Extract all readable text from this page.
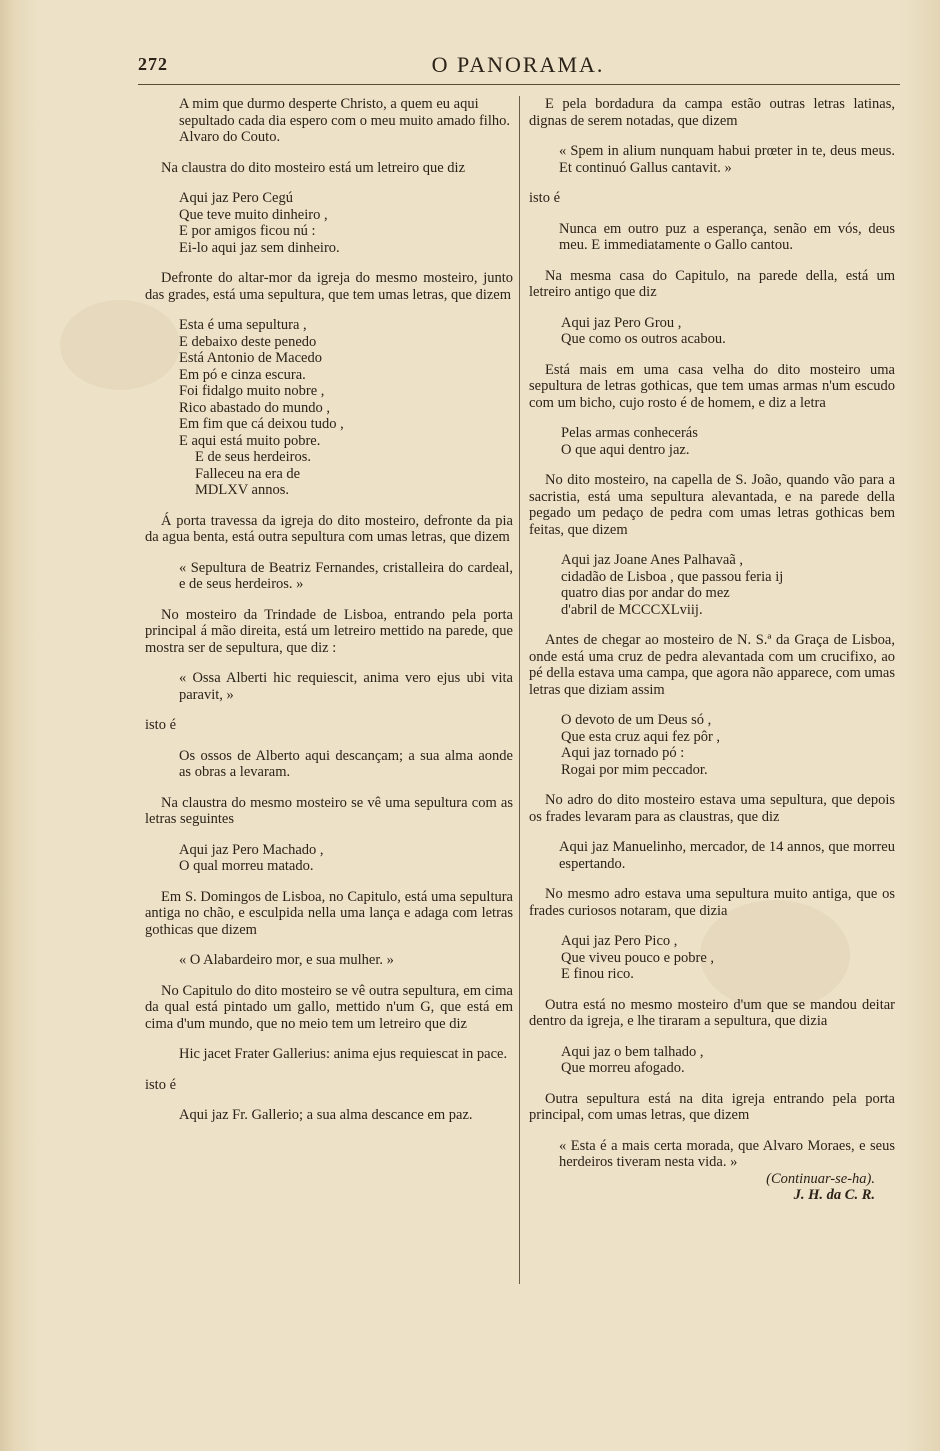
272	O PANORAMA.
A mim que durmo desperte Christo, a quem eu aqui sepultado cada dia espero com o meu muito amado filho. Alvaro do Couto.
Na claustra do dito mosteiro está um letreiro que diz
Aqui jaz Pero Cegú
Que teve muito dinheiro ,
E por amigos ficou nú :
Ei-lo aqui jaz sem dinheiro.
Defronte do altar-mor da igreja do mesmo mosteiro, junto das grades, está uma sepultura, que tem umas letras, que dizem
Esta é uma sepultura ,
E debaixo deste penedo
Está Antonio de Macedo
Em pó e cinza escura.
Foi fidalgo muito nobre ,
Rico abastado do mundo ,
Em fim que cá deixou tudo ,
E aqui está muito pobre.
E de seus herdeiros.
Falleceu na era de
MDLXV annos.
Á porta travessa da igreja do dito mosteiro, defronte da pia da agua benta, está outra sepultura com umas letras, que dizem
« Sepultura de Beatriz Fernandes, cristalleira do cardeal, e de seus herdeiros. »
No mosteiro da Trindade de Lisboa, entrando pela porta principal á mão direita, está um letreiro mettido na parede, que mostra ser de sepultura, que diz :
« Ossa Alberti hic requiescit, anima vero ejus ubi vita paravit, »
isto é
Os ossos de Alberto aqui descançam; a sua alma aonde as obras a levaram.
Na claustra do mesmo mosteiro se vê uma sepultura com as letras seguintes
Aqui jaz Pero Machado ,
O qual morreu matado.
Em S. Domingos de Lisboa, no Capitulo, está uma sepultura antiga no chão, e esculpida nella uma lança e adaga com letras gothicas que dizem
« O Alabardeiro mor, e sua mulher. »
No Capitulo do dito mosteiro se vê outra sepultura, em cima da qual está pintado um gallo, mettido n'um G, que está em cima d'um mundo, que no meio tem um letreiro que diz
Hic jacet Frater Gallerius: anima ejus requiescat in pace.
isto é
Aqui jaz Fr. Gallerio; a sua alma descance em paz.
E pela bordadura da campa estão outras letras latinas, dignas de serem notadas, que dizem
« Spem in alium nunquam habui prœter in te, deus meus. Et continuó Gallus cantavit. »
isto é
Nunca em outro puz a esperança, senão em vós, deus meu. E immediatamente o Gallo cantou.
Na mesma casa do Capitulo, na parede della, está um letreiro antigo que diz
Aqui jaz Pero Grou ,
Que como os outros acabou.
Está mais em uma casa velha do dito mosteiro uma sepultura de letras gothicas, que tem umas armas n'um escudo com um bicho, cujo rosto é de homem, e diz a letra
Pelas armas conhecerás
O que aqui dentro jaz.
No dito mosteiro, na capella de S. João, quando vão para a sacristia, está uma sepultura alevantada, e na parede della pegado um pedaço de pedra com umas letras gothicas bem feitas, que dizem
Aqui jaz Joane Anes Palhavaã ,
cidadão de Lisboa , que passou feria ij
quatro dias por andar do mez
d'abril de MCCCXLviij.
Antes de chegar ao mosteiro de N. S.ª da Graça de Lisboa, onde está uma cruz de pedra alevantada com um crucifixo, ao pé della estava uma campa, que agora não apparece, com umas letras que diziam assim
O devoto de um Deus só ,
Que esta cruz aqui fez pôr ,
Aqui jaz tornado pó :
Rogai por mim peccador.
No adro do dito mosteiro estava uma sepultura, que depois os frades levaram para as claustras, que diz
Aqui jaz Manuelinho, mercador, de 14 annos, que morreu espertando.
No mesmo adro estava uma sepultura muito antiga, que os frades curiosos notaram, que dizia
Aqui jaz Pero Pico ,
Que viveu pouco e pobre ,
E finou rico.
Outra está no mesmo mosteiro d'um que se mandou deitar dentro da igreja, e lhe tiraram a sepultura, que dizia
Aqui jaz o bem talhado ,
Que morreu afogado.
Outra sepultura está na dita igreja entrando pela porta principal, com umas letras, que dizem
« Esta é a mais certa morada, que Alvaro Moraes, e seus herdeiros tiveram nesta vida. »
(Continuar-se-ha).
J. H. da C. R.
